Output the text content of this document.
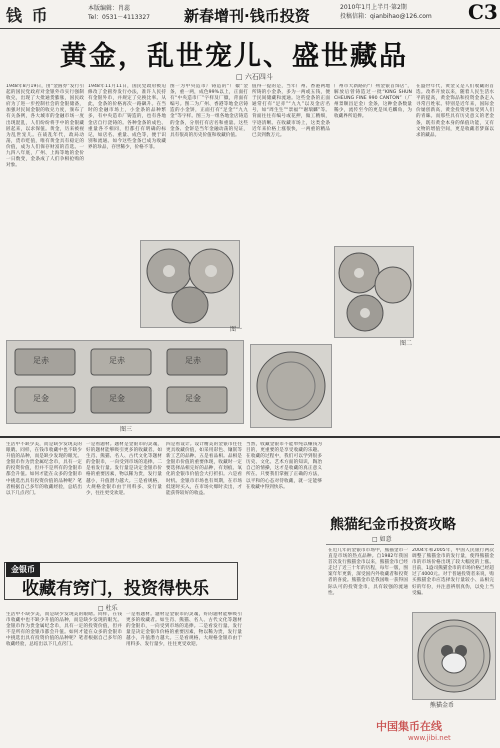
钱 币	本版编辑：肖蕊
Tel：0531－4113327 新春增刊·钱币投资	2010年1月上半月·第2期
投稿信箱：qianbihao@126.com C3
黄金，乱世宠儿、盛世藏品
□ 六石四斗
1948年8月19日，由“金圆券”发行引起的国民党政府对金银外币实行强制收兑，出现了大批通货膨胀，国民政府为了进一步控制社会的金银储备，加强对民间金银的收兑力度，颁布了有关条例，各大城市的金融市场一度出现混乱，人们纷纷将手中的金银藏匿起来，以求保值。黄金，历来被视为乱世宠儿。在战乱年代，政局动荡，货币贬值，唯有黄金具有稳定的价值，成为人们保存财富的首选。一九四八年底，广州、上海等地的金价一日数变，金条成了人们争相抢购的对象。
1948年11月11日，国民党政府被迫修改了金圆券发行办法，准许人民持有金银外币，并规定了兑换比率。从此，金条的价格再次一路飙升。在当时的金融市场上，小金条的品种繁多，有中央造币厂铸造的，也有各地金店自行浇铸的。各种金条的成色、重量各不相同，但都打有明确的标记，如店名、重量、成色等，便于识别和流通。如今这些金条已成为收藏界的珍品，存世稀少，价格不菲。
图一为中央造币厂铸造的“厂徽”金条，重一两，成色99%以上，正面打有“中央造币厂”字样及厂徽，背面有编号。图二为广州、香港等地金店铸造的小金饼，正面打有“足金”“九九金”等字样。图三为一组各地金店铸造的金条，分别打有店名和重量。这些金条、金饼是当年金融动荡的见证，具有很高的历史价值和收藏价值。
值得一提的是，当年广州、香港两地所铸的小金条，多为一两或五钱，便于民间储藏和流通。这些金条的正面通常打有“足赤”“九九”以及金店名号，如“周生生”“景福”“谢瑞麟”等。背面往往有编号或花押，做工精细，字迹清晰。在收藏市场上，这类金条近年来价格上涨很快，一两重的精品已卖到数万元。
广州市大新路的“广州金银首饰店”，解放后曾铸造过一批“KING SHUN CHEUNG FINE 990 CANTON”（广州景顺昌足金）金条，这种金条数量稀少，流传至今的更是凤毛麟角，为收藏界所追捧。
在盛世年代，黄金又是人们收藏的首选。改革开放以来，随着人民生活水平的提高，黄金饰品和投资金条走入寻常百姓家。特别是近年来，国际金价屡创新高，黄金投资更加受到人们的青睐。而那些具有历史意义的老金条，既有黄金本身的保值功能，又有文物的增值空间，更是收藏者梦寐以求的藏品。
图一
图二
足赤	足赤	足赤
足金	足金	足金
图三
生活中不缺少美，而是缺少发现美的眼睛。同样，在钱币收藏中也不缺少升值的品种，而是缺少发现的眼光。金银币作为贵金属纪念币，具有一定的投资价值，但并不是所有的金银币都会升值。如何才能在众多的金银币中挑选出具有投资价值的品种呢？笔者根据自己多年的收藏经验，总结出以下几点窍门。
一是看题材。题材是金银币的灵魂，好的题材能够吸引更多的收藏者。如生肖、熊猫、名人、古代文化等题材的金银币，一向受到市场的追捧。二是看发行量。发行量是决定金银币价格的重要因素，物以稀为贵，发行量越小，升值潜力越大。三是看规格，大规格金银币由于用料多、发行量少，往往更受欢迎。
四是看设计。设计精美的金银币往往更具收藏价值，如采用彩色、镶嵌等新工艺的品种。五是看品相。品相是金银币价值的重要体现，收藏时一定要选择品相完好的品种，有划痕、氧化的金银币价值会大打折扣。六是看时机。金银币市场也有周期，在市场低迷时买入，在市场火爆时卖出，才能获得较好的收益。
当然，收藏金银币不能单纯以赚钱为目的，更重要的是享受收藏的乐趣。在收藏的过程中，我们可以学到很多历史、文化、艺术方面的知识，陶冶自己的情操，这才是收藏的真正意义所在。只要我们掌握了正确的方法，以平和的心态对待收藏，就一定能够在收藏中得到快乐。
金银币
收藏有窍门，投资得快乐
□ 杜乐
生活中不缺少美，而是缺少发现美的眼睛。同样，在钱币收藏中也不缺少升值的品种，而是缺少发现的眼光。金银币作为贵金属纪念币，具有一定的投资价值，但并不是所有的金银币都会升值。如何才能在众多的金银币中挑选出具有投资价值的品种呢？笔者根据自己多年的收藏经验，总结出以下几点窍门。
一是看题材。题材是金银币的灵魂，好的题材能够吸引更多的收藏者。如生肖、熊猫、名人、古代文化等题材的金银币，一向受到市场的追捧。二是看发行量。发行量是决定金银币价格的重要因素，物以稀为贵，发行量越小，升值潜力越大。三是看规格，大规格金银币由于用料多、发行量少，往往更受欢迎。
熊猫纪金币投资攻略
□ 如意
在近几年的金银币市场中，熊猫金币一直是市场的热点品种。自1982年我国首次发行熊猫金币以来，熊猫金币已经走过了近三十年的历程，每年一版，图案年年更新，深受国内外收藏者和投资者的喜爱。熊猫金币是我国唯一获得国际认可的投资金币，具有较强的流通性。
2004年和2005年，中国人民银行两次调整了熊猫金币的发行量，使得熊猫金币的市场价格出现了较大幅度的上涨。目前，1盎司熊猫金币的市场价格已经超过了4000元。对于普通投资者来说，购买熊猫金币应选择发行量较小、品相完好的年份，并注意辨别真伪，以免上当受骗。
熊猫金币
中国集币在线
www.jibi.net
